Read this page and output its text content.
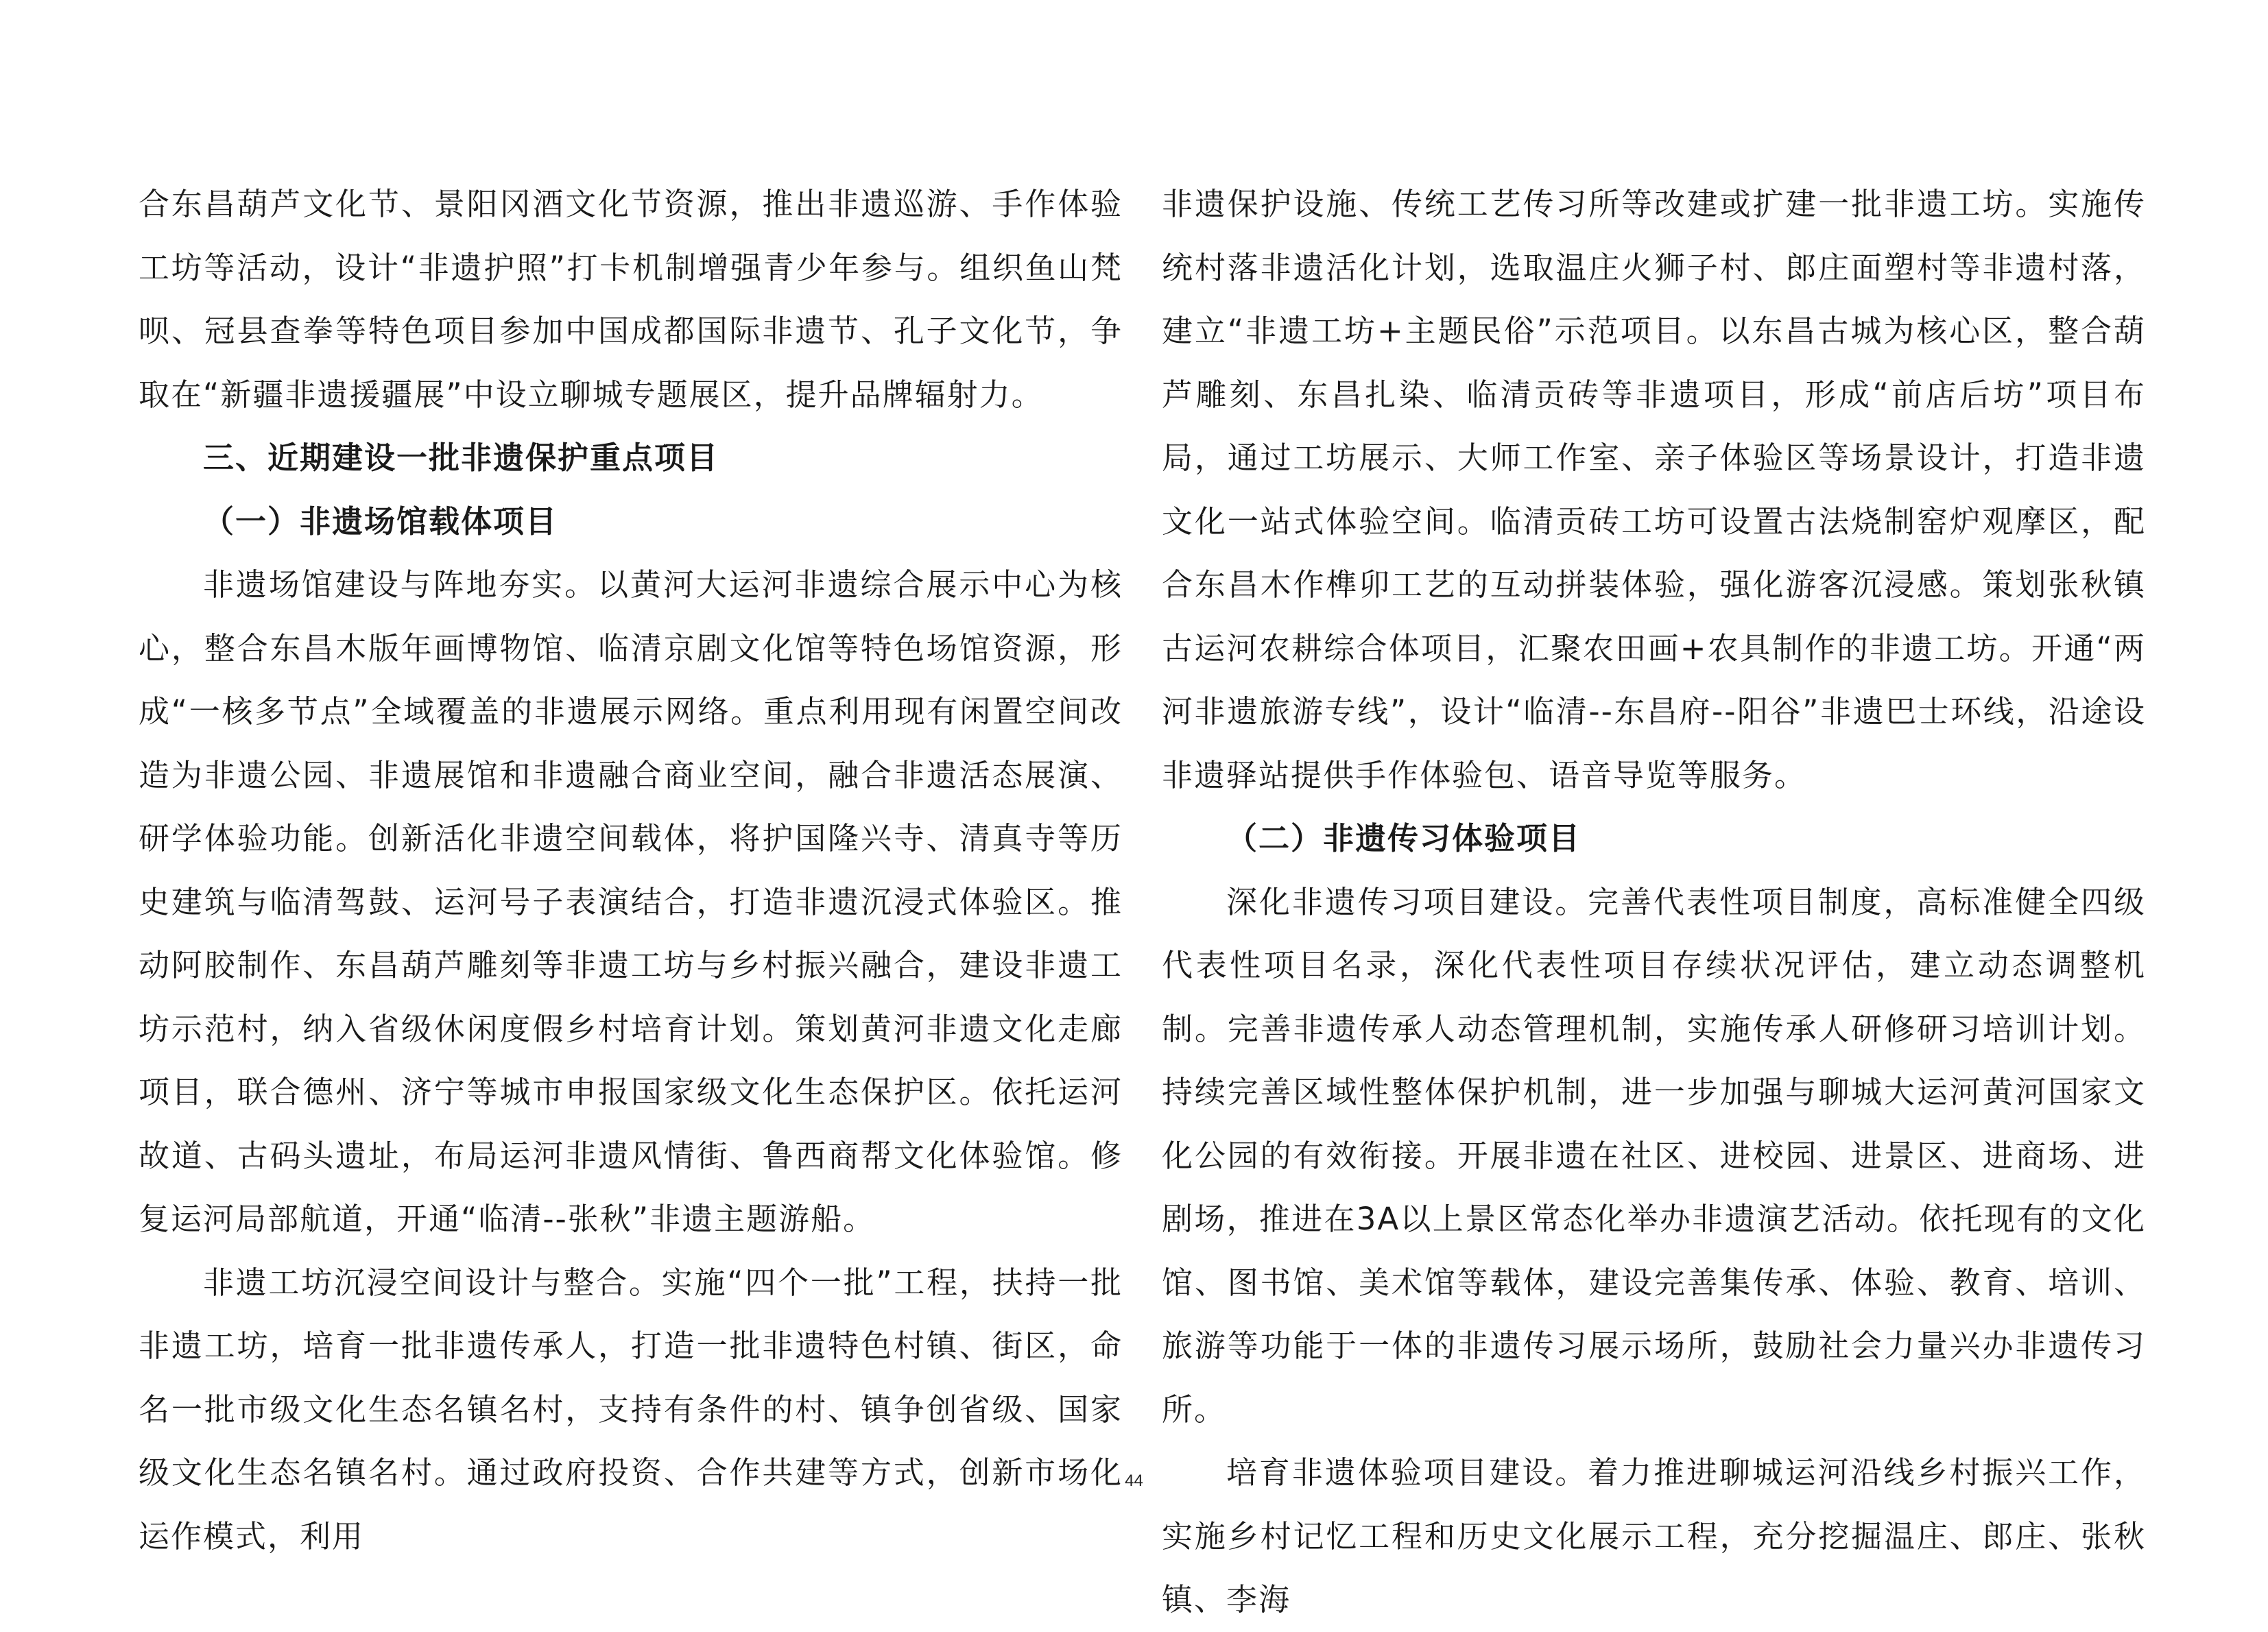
合东昌葫芦文化节、景阳冈酒文化节资源，推出非遗巡游、手作体验工坊等活动，设计“非遗护照”打卡机制增强青少年参与。组织鱼山梵呗、冠县查拳等特色项目参加中国成都国际非遗节、孔子文化节，争取在“新疆非遗援疆展”中设立聊城专题展区，提升品牌辐射力。

三、近期建设一批非遗保护重点项目

（一）非遗场馆载体项目

非遗场馆建设与阵地夯实。以黄河大运河非遗综合展示中心为核心，整合东昌木版年画博物馆、临清京剧文化馆等特色场馆资源，形成“一核多节点”全域覆盖的非遗展示网络。重点利用现有闲置空间改造为非遗公园、非遗展馆和非遗融合商业空间，融合非遗活态展演、研学体验功能。创新活化非遗空间载体，将护国隆兴寺、清真寺等历史建筑与临清驾鼓、运河号子表演结合，打造非遗沉浸式体验区。推动阿胶制作、东昌葫芦雕刻等非遗工坊与乡村振兴融合，建设非遗工坊示范村，纳入省级休闲度假乡村培育计划。策划黄河非遗文化走廊项目，联合德州、济宁等城市申报国家级文化生态保护区。依托运河故道、古码头遗址，布局运河非遗风情街、鲁西商帮文化体验馆。修复运河局部航道，开通“临清--张秋”非遗主题游船。

非遗工坊沉浸空间设计与整合。实施“四个一批”工程，扶持一批非遗工坊，培育一批非遗传承人，打造一批非遗特色村镇、街区，命名一批市级文化生态名镇名村，支持有条件的村、镇争创省级、国家级文化生态名镇名村。通过政府投资、合作共建等方式，创新市场化运作模式，利用

非遗保护设施、传统工艺传习所等改建或扩建一批非遗工坊。实施传统村落非遗活化计划，选取温庄火狮子村、郎庄面塑村等非遗村落，建立“非遗工坊+主题民俗”示范项目。以东昌古城为核心区，整合葫芦雕刻、东昌扎染、临清贡砖等非遗项目，形成“前店后坊”项目布局，通过工坊展示、大师工作室、亲子体验区等场景设计，打造非遗文化一站式体验空间。临清贡砖工坊可设置古法烧制窑炉观摩区，配合东昌木作榫卯工艺的互动拼装体验，强化游客沉浸感。策划张秋镇古运河农耕综合体项目，汇聚农田画+农具制作的非遗工坊。开通“两河非遗旅游专线”，设计“临清--东昌府--阳谷”非遗巴士环线，沿途设非遗驿站提供手作体验包、语音导览等服务。

（二）非遗传习体验项目

深化非遗传习项目建设。完善代表性项目制度，高标准健全四级代表性项目名录，深化代表性项目存续状况评估，建立动态调整机制。完善非遗传承人动态管理机制，实施传承人研修研习培训计划。持续完善区域性整体保护机制，进一步加强与聊城大运河黄河国家文化公园的有效衔接。开展非遗在社区、进校园、进景区、进商场、进剧场，推进在3A以上景区常态化举办非遗演艺活动。依托现有的文化馆、图书馆、美术馆等载体，建设完善集传承、体验、教育、培训、旅游等功能于一体的非遗传习展示场所，鼓励社会力量兴办非遗传习所。

培育非遗体验项目建设。着力推进聊城运河沿线乡村振兴工作，实施乡村记忆工程和历史文化展示工程，充分挖掘温庄、郎庄、张秋镇、李海

44
